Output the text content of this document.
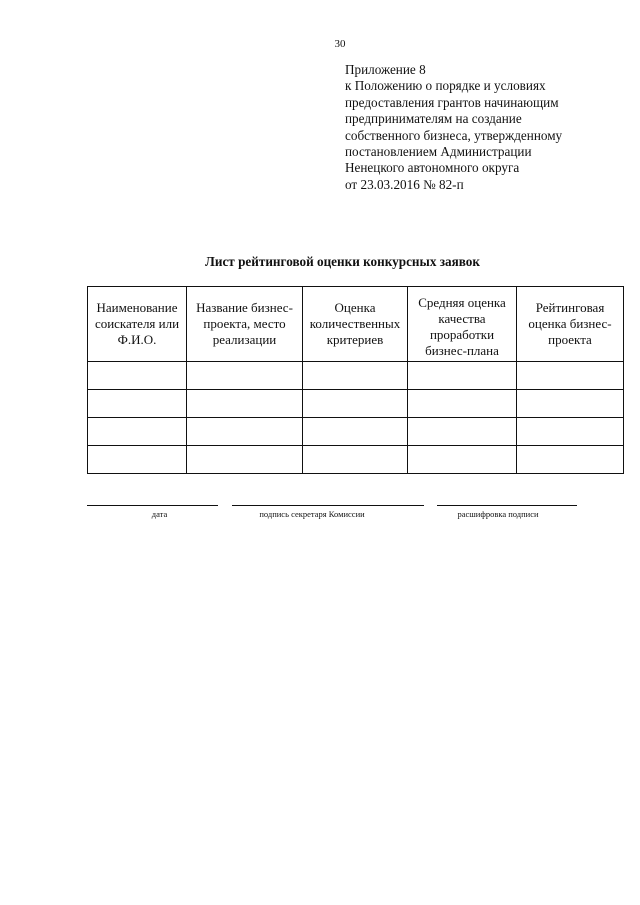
30
Приложение 8
к Положению о порядке и условиях
предоставления грантов начинающим
предпринимателям на создание
собственного бизнеса, утвержденному
постановлением Администрации
Ненецкого автономного округа
от 23.03.2016 № 82-п
Лист рейтинговой оценки конкурсных заявок
Наименование соискателя или Ф.И.О.	Название бизнес-проекта, место реализации	Оценка количественных критериев	Средняя оценка качества проработки бизнес-плана	Рейтинговая оценка бизнес-проекта

дата	подпись секретаря Комиссии	расшифровка подписи
